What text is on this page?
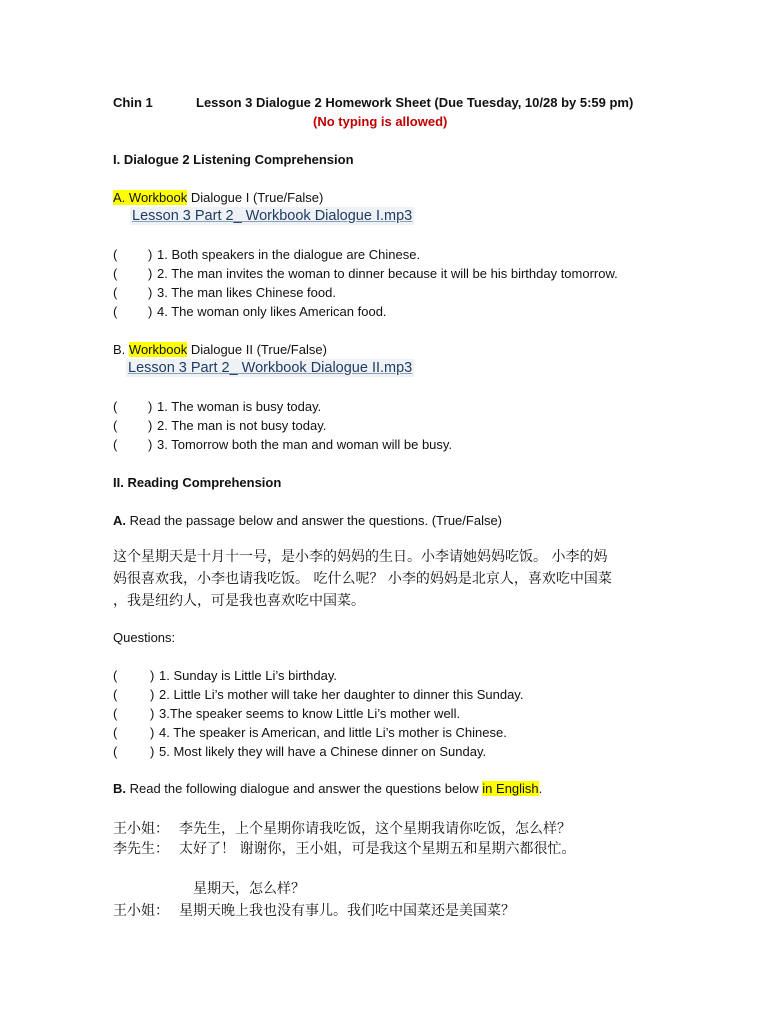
Chin 1	Lesson 3 Dialogue 2 Homework Sheet (Due Tuesday, 10/28 by 5:59 pm)
(No typing is allowed)
I. Dialogue 2 Listening Comprehension
A. Workbook Dialogue I (True/False)
Lesson 3 Part 2_ Workbook Dialogue I.mp3
( ) 1. Both speakers in the dialogue are Chinese.
( ) 2. The man invites the woman to dinner because it will be his birthday tomorrow.
( ) 3. The man likes Chinese food.
( ) 4. The woman only likes American food.
B. Workbook Dialogue II (True/False)
Lesson 3 Part 2_ Workbook Dialogue II.mp3
( ) 1. The woman is busy today.
( ) 2. The man is not busy today.
( ) 3. Tomorrow both the man and woman will be busy.
II. Reading Comprehension
A. Read the passage below and answer the questions. (True/False)
这个星期天是十月十一号，是小李的妈妈的生日。小李请她妈妈吃饭。 小李的妈
妈很喜欢我，小李也请我吃饭。 吃什么呢？ 小李的妈妈是北京人，喜欢吃中国菜
，我是纽约人，可是我也喜欢吃中国菜。
Questions:
(	) 1. Sunday is Little Li’s birthday.
(	) 2. Little Li’s mother will take her daughter to dinner this Sunday.
(	) 3.The speaker seems to know Little Li’s mother well.
(	) 4. The speaker is American, and little Li’s mother is Chinese.
(	) 5. Most likely they will have a Chinese dinner on Sunday.
B. Read the following dialogue and answer the questions below in English.
王小姐： 李先生，上个星期你请我吃饭，这个星期我请你吃饭，怎么样？
李先生： 太好了！ 谢谢你，王小姐，可是我这个星期五和星期六都很忙。
星期天，怎么样？
王小姐： 星期天晚上我也没有事儿。我们吃中国菜还是美国菜？
